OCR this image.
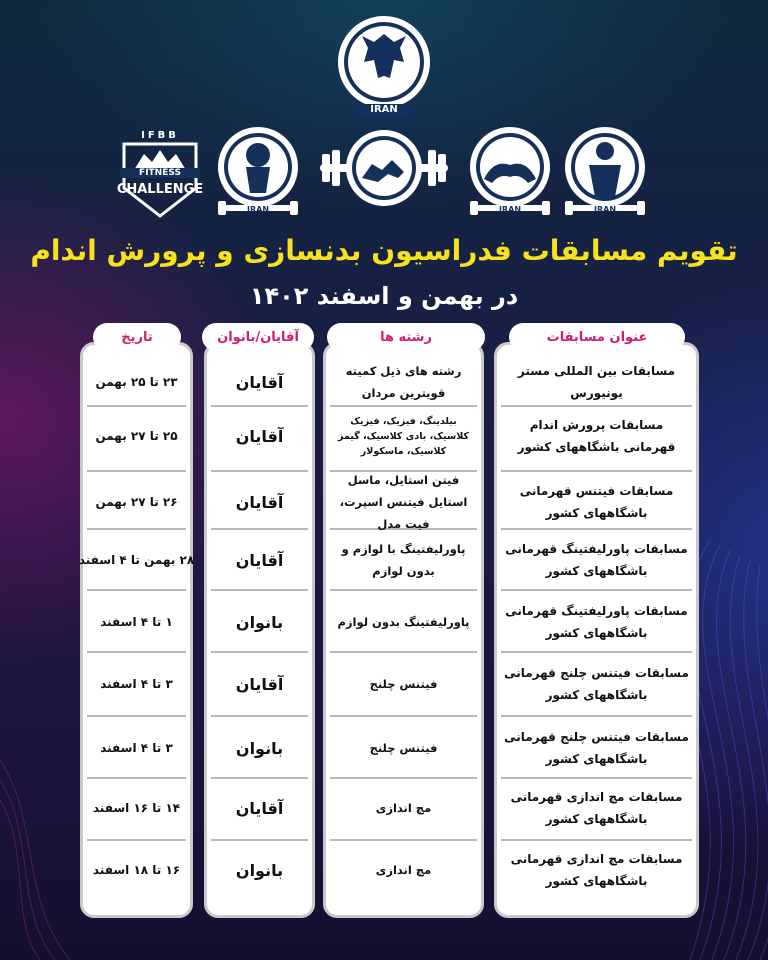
IRAN
IRAN	IRAN	IRAN
IFBB
FITNESS
CHALLENGE
تقویم مسابقات فدراسیون بدنسازی و پرورش اندام
در بهمن و اسفند ۱۴۰۲
مسابقات بین المللی مستر یونیورس
مسابقات پرورش اندام قهرمانی باشگاههای کشور
مسابقات فیتنس قهرمانی باشگاههای کشور
مسابقات پاورلیفتینگ قهرمانی باشگاههای کشور
مسابقات پاورلیفتینگ قهرمانی باشگاههای کشور
مسابقات فیتنس چلنج قهرمانی باشگاههای کشور
مسابقات فیتنس چلنج قهرمانی باشگاههای کشور
مسابقات مچ اندازی قهرمانی باشگاههای کشور
مسابقات مچ اندازی قهرمانی باشگاههای کشور
رشته های ذیل کمیته قویترین مردان
بیلدینگ، فیزیک، فیزیک کلاسیک، بادی کلاسیک، گیمز کلاسیک، ماسکولار
فیتن استایل، ماسل استایل فیتنس اسپرت، فیت مدل
پاورلیفتینگ با لوازم و بدون لوازم
پاورلیفتینگ بدون لوازم
فیتنس چلنج
فیتنس چلنج
مچ اندازی
مچ اندازی
آقایان
آقایان
آقایان
آقایان
بانوان
آقایان
بانوان
آقایان
بانوان
۲۳ تا ۲۵ بهمن
۲۵ تا ۲۷ بهمن
۲۶ تا ۲۷ بهمن
۲۸ بهمن تا ۴ اسفند
۱ تا ۴ اسفند
۳ تا ۴ اسفند
۳ تا ۴ اسفند
۱۴ تا ۱۶ اسفند
۱۶ تا ۱۸ اسفند
عنوان مسابقات
رشته ها
آقایان/بانوان
تاریخ
